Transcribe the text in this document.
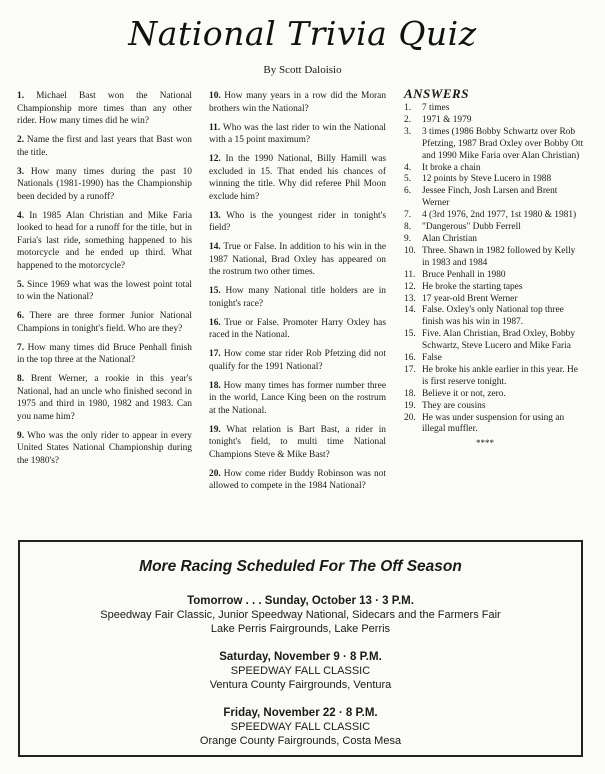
National Trivia Quiz
By Scott Daloisio

1. Michael Bast won the National Championship more times than any other rider. How many times did he win?

2. Name the first and last years that Bast won the title.

3. How many times during the past 10 Nationals (1981-1990) has the Championship been decided by a runoff?

4. In 1985 Alan Christian and Mike Faria looked to head for a runoff for the title, but in Faria's last ride, something happened to his motorcycle and he ended up third. What happened to the motorcycle?

5. Since 1969 what was the lowest point total to win the National?

6. There are three former Junior National Champions in tonight's field. Who are they?

7. How many times did Bruce Penhall finish in the top three at the National?

8. Brent Werner, a rookie in this year's National, had an uncle who finished second in 1975 and third in 1980, 1982 and 1983. Can you name him?

9. Who was the only rider to appear in every United States National Championship during the 1980's?

10. How many years in a row did the Moran brothers win the National?

11. Who was the last rider to win the National with a 15 point maximum?

12. In the 1990 National, Billy Hamill was excluded in 15. That ended his chances of winning the title. Why did referee Phil Moon exclude him?

13. Who is the youngest rider in tonight's field?

14. True or False. In addition to his win in the 1987 National, Brad Oxley has appeared on the rostrum two other times.

15. How many National title holders are in tonight's race?

16. True or False. Promoter Harry Oxley has raced in the National.

17. How come star rider Rob Pfetzing did not qualify for the 1991 National?

18. How many times has former number three in the world, Lance King been on the rostrum at the National.

19. What relation is Bart Bast, a rider in tonight's field, to multi time National Champions Steve & Mike Bast?

20. How come rider Buddy Robinson was not allowed to compete in the 1984 National?

ANSWERS
1.	7 times
2.	1971 & 1979
3.	3 times (1986 Bobby Schwartz over Rob Pfetzing, 1987 Brad Oxley over Bobby Ott and 1990 Mike Faria over Alan Christian)
4.	It broke a chain
5.	12 points by Steve Lucero in 1988
6.	Jessee Finch, Josh Larsen and Brent Werner
7.	4 (3rd 1976, 2nd 1977, 1st 1980 & 1981)
8.	"Dangerous" Dubb Ferrell
9.	Alan Christian
10. Three. Shawn in 1982 followed by Kelly in 1983 and 1984
11. Bruce Penhall in 1980
12. He broke the starting tapes
13. 17 year-old Brent Werner
14. False. Oxley's only National top three finish was his win in 1987.
15. Five. Alan Christian, Brad Oxley, Bobby Schwartz, Steve Lucero and Mike Faria
16. False
17. He broke his ankle earlier in this year. He is first reserve tonight.
18. Believe it or not, zero.
19. They are cousins
20. He was under suspension for using an illegal muffler.
****
More Racing Scheduled For The Off Season
Tomorrow . . . Sunday, October 13 · 3 P.M.
Speedway Fair Classic, Junior Speedway National, Sidecars and the Farmers Fair
Lake Perris Fairgrounds, Lake Perris
Saturday, November 9 · 8 P.M.
SPEEDWAY FALL CLASSIC
Ventura County Fairgrounds, Ventura
Friday, November 22 · 8 P.M.
SPEEDWAY FALL CLASSIC
Orange County Fairgrounds, Costa Mesa
